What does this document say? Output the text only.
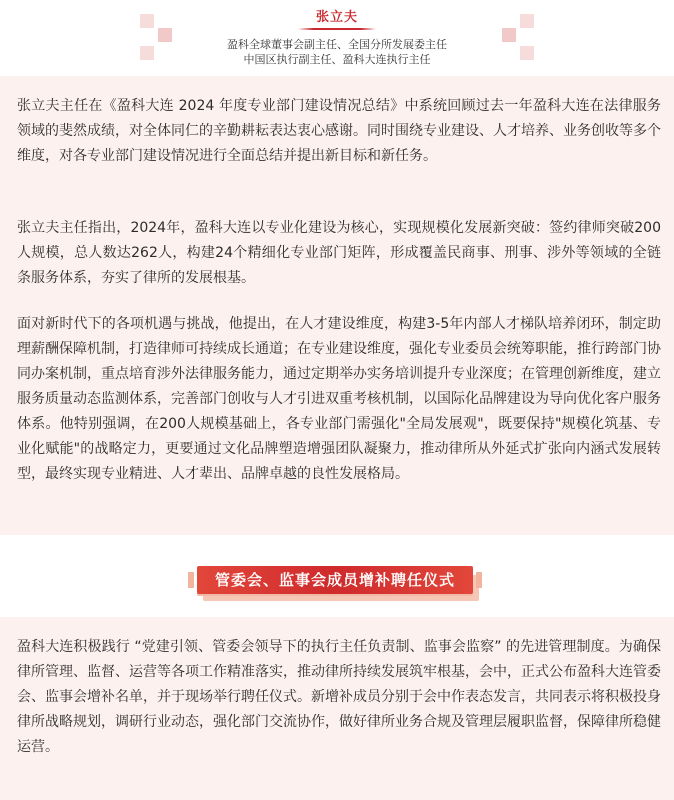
张立夫
盈科全球董事会副主任、全国分所发展委主任
中国区执行副主任、盈科大连执行主任

张立夫主任在《盈科大连 2024 年度专业部门建设情况总结》中系统回顾过去一年盈科大连在法律服务领域的斐然成绩，对全体同仁的辛勤耕耘表达衷心感谢。同时围绕专业建设、人才培养、业务创收等多个维度，对各专业部门建设情况进行全面总结并提出新目标和新任务。

张立夫主任指出，2024年，盈科大连以专业化建设为核心，实现规模化发展新突破：签约律师突破200人规模，总人数达262人，构建24个精细化专业部门矩阵，形成覆盖民商事、刑事、涉外等领域的全链条服务体系，夯实了律所的发展根基。

面对新时代下的各项机遇与挑战，他提出，在人才建设维度，构建3-5年内部人才梯队培养闭环，制定助理薪酬保障机制，打造律师可持续成长通道；在专业建设维度，强化专业委员会统筹职能，推行跨部门协同办案机制，重点培育涉外法律服务能力，通过定期举办实务培训提升专业深度；在管理创新维度，建立服务质量动态监测体系，完善部门创收与人才引进双重考核机制，以国际化品牌建设为导向优化客户服务体系。他特别强调，在200人规模基础上，各专业部门需强化"全局发展观"，既要保持"规模化筑基、专业化赋能"的战略定力，更要通过文化品牌塑造增强团队凝聚力，推动律所从外延式扩张向内涵式发展转型，最终实现专业精进、人才辈出、品牌卓越的良性发展格局。

管委会、监事会成员增补聘任仪式

盈科大连积极践行 “党建引领、管委会领导下的执行主任负责制、监事会监察” 的先进管理制度。为确保律所管理、监督、运营等各项工作精准落实，推动律所持续发展筑牢根基，会中，正式公布盈科大连管委会、监事会增补名单，并于现场举行聘任仪式。新增补成员分别于会中作表态发言，共同表示将积极投身律所战略规划，调研行业动态，强化部门交流协作，做好律所业务合规及管理层履职监督，保障律所稳健运营。
